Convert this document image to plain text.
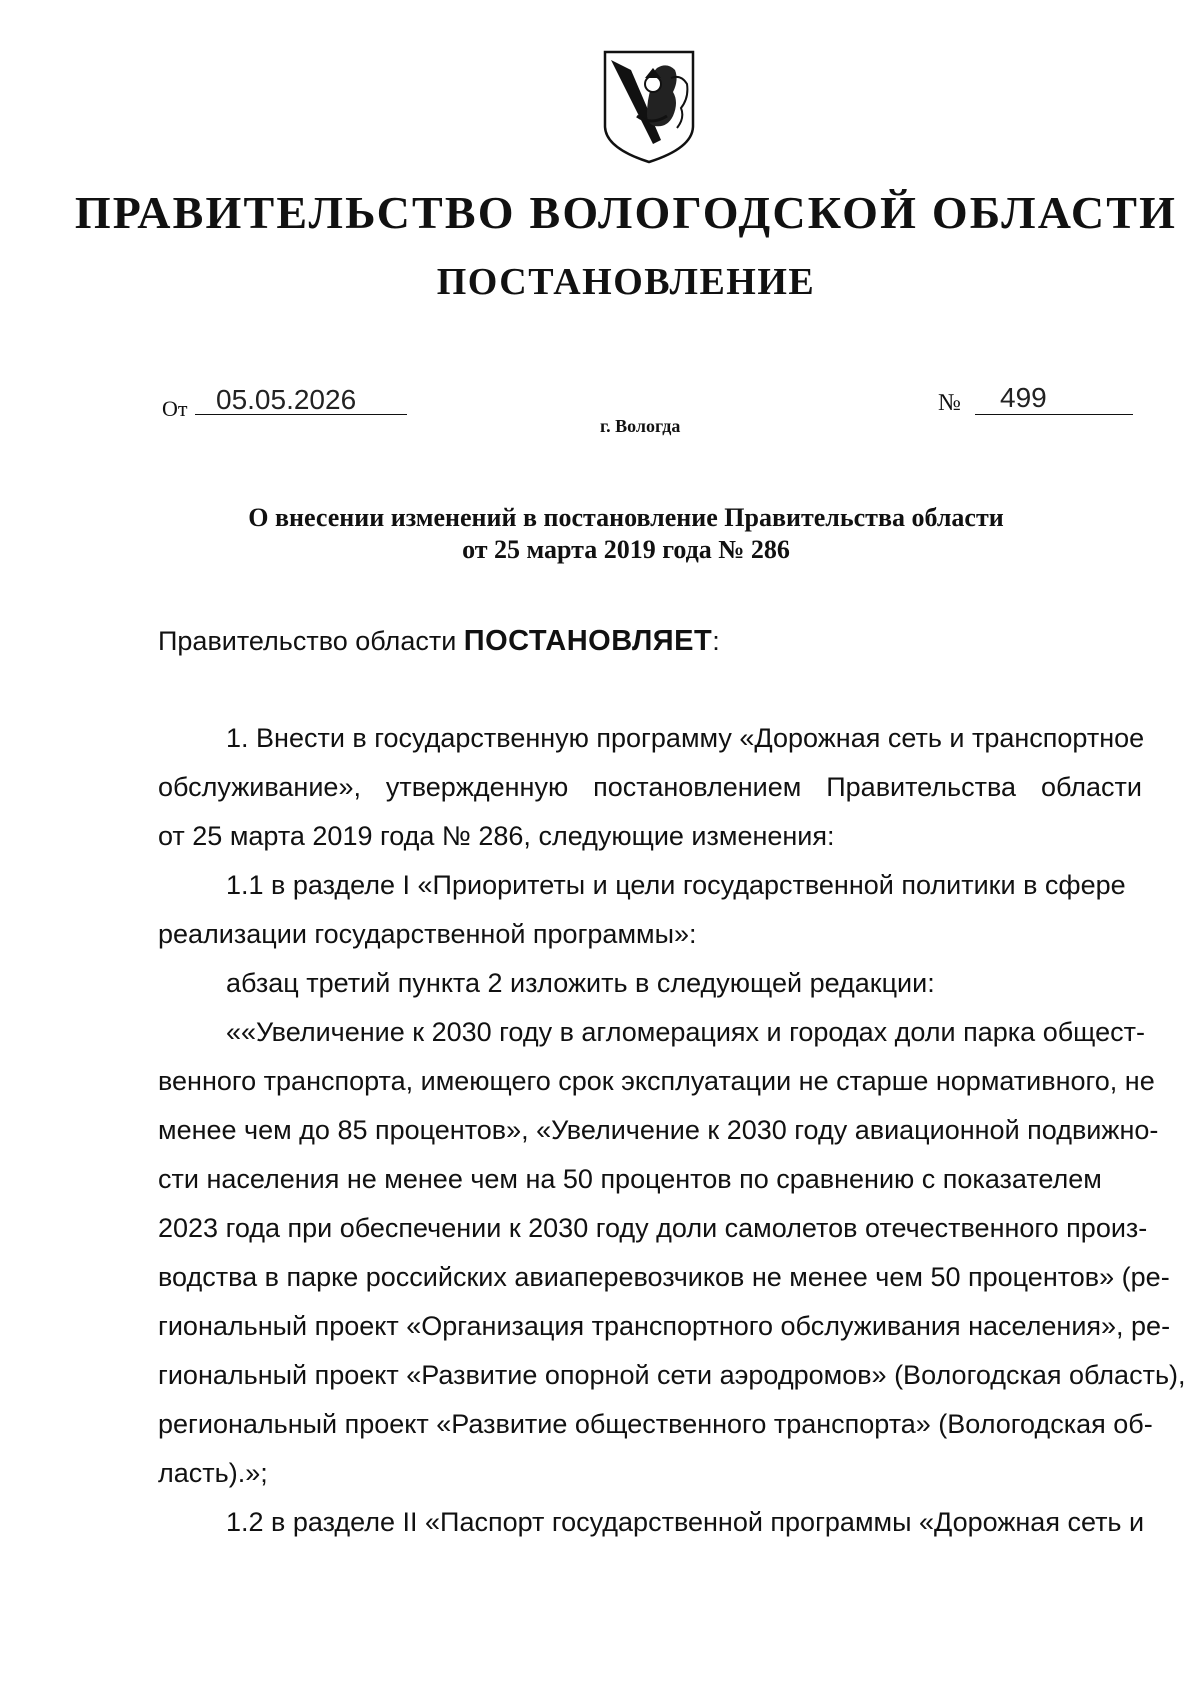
ПРАВИТЕЛЬСТВО ВОЛОГОДСКОЙ ОБЛАСТИ
ПОСТАНОВЛЕНИЕ
От 05.05.2026	№ 499
г. Вологда
О внесении изменений в постановление Правительства области
от 25 марта 2019 года № 286
Правительство области ПОСТАНОВЛЯЕТ:
1. Внести в государственную программу «Дорожная сеть и транспортное
обслуживание», утвержденную постановлением Правительства области
от 25 марта 2019 года № 286, следующие изменения:
1.1 в разделе I «Приоритеты и цели государственной политики в сфере
реализации государственной программы»:
абзац третий пункта 2 изложить в следующей редакции:
««Увеличение к 2030 году в агломерациях и городах доли парка общест-
венного транспорта, имеющего срок эксплуатации не старше нормативного, не
менее чем до 85 процентов», «Увеличение к 2030 году авиационной подвижно-
сти населения не менее чем на 50 процентов по сравнению с показателем
2023 года при обеспечении к 2030 году доли самолетов отечественного произ-
водства в парке российских авиаперевозчиков не менее чем 50 процентов» (ре-
гиональный проект «Организация транспортного обслуживания населения», ре-
гиональный проект «Развитие опорной сети аэродромов» (Вологодская область),
региональный проект «Развитие общественного транспорта» (Вологодская об-
ласть).»;
1.2 в разделе II «Паспорт государственной программы «Дорожная сеть и
